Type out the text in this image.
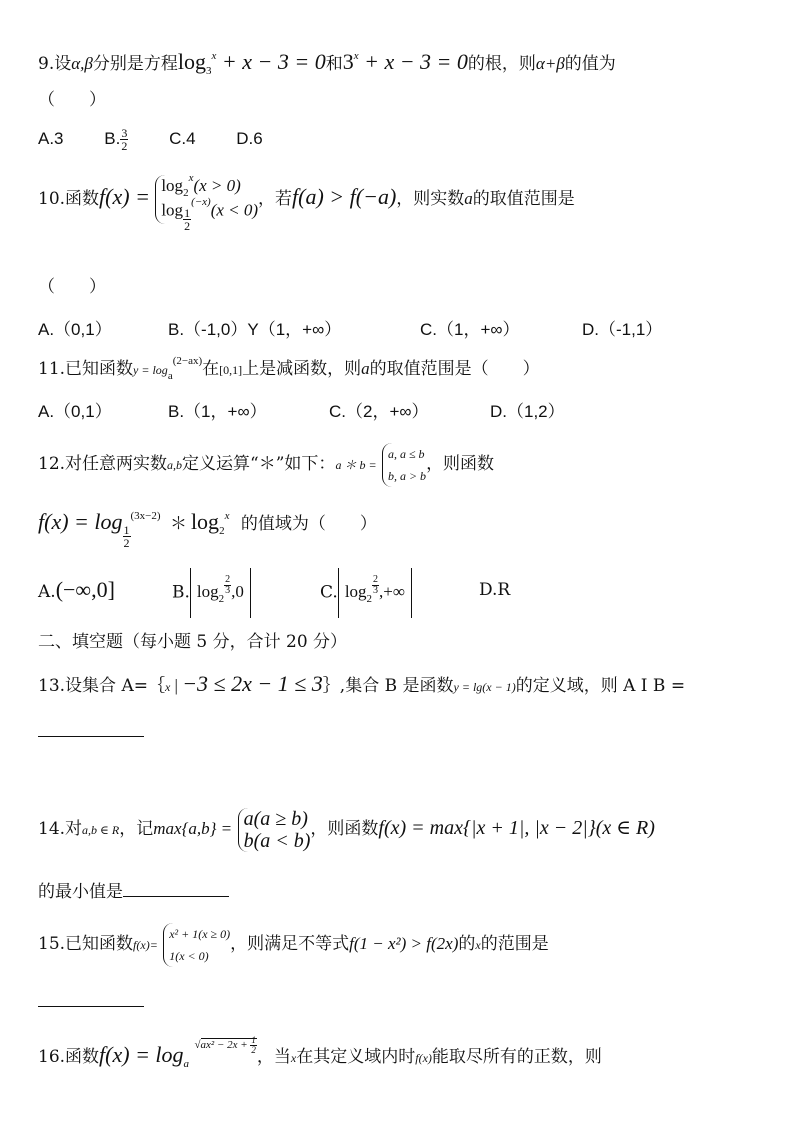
9.设α,β分别是方程$\log_3^x + x - 3 = 0$和$3^x + x - 3 = 0$的根，则α+β的值为
（　　）
A.3 B. $\frac{3}{2} C.4$ D.6
10.函数$f(x) = \log_2^x(x > 0)$
$\log \frac{1}{2}$
$^{(-x)}$(x < 0)
，若f(a) > f(−a)，则实数a的取值范围是
（　　）
A.（0,1）	B.（-1,0）Y（1，+∞）	C.（1，+∞）	D.（-1,1）
11.已知函数$y = \log_a^{(2-ax)}$在[0,1]上是减函数，则a的取值范围是（　　）
A.（0,1）	B.（1，+∞）	C.（2，+∞）	D.（1,2）
12.对任意两实数a,b定义运算“＊”如下：a ＊ b =
a, a ≤ b
b, a > b
，则函数
f(x) = log
$\frac{1}{2}$
$^{(3x-2)}$ ＊ $\log_2^x$ 的值域为（　　）
A.(−∞,0]	B. $\log_2$
$\frac{2}{3} ,0$	C. $\log_2$
$\frac{2}{3}$ ,+∞	D.R
二、填空题（每小题 5 分，合计 20 分）
13.设集合 A=｛x | −3 ≤ 2x − 1 ≤ 3｝,集合 B 是函数y = lg(x − 1)的定义域，则 A I B =
14.对a,b ∈ R，记max{a,b} = a(a ≥ b)
b(a < b)
，则函数f(x) = max{|x + 1|, |x − 2|}(x ∈ R)
的最小值是
15.已知函数f(x)=
x² + 1(x ≥ 0)
1(x < 0)
，则满足不等式f(1 − x²) > f(2x)的x的范围是
16.函数$f(x) = \log_a ^{√ax^2 - 2x + \frac{1}{2}}$
，当x在其定义域内时f(x)能取尽所有的正数，则
